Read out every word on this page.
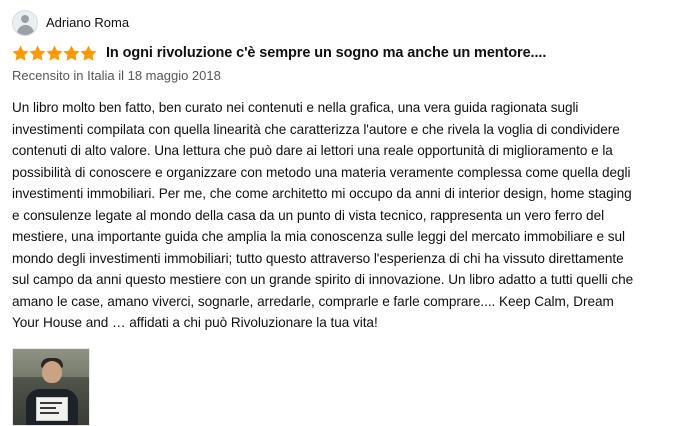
Adriano Roma
In ogni rivoluzione c'è sempre un sogno ma anche un mentore....
Recensito in Italia il 18 maggio 2018
Un libro molto ben fatto, ben curato nei contenuti e nella grafica, una vera guida ragionata sugli investimenti compilata con quella linearità che caratterizza l'autore e che rivela la voglia di condividere contenuti di alto valore. Una lettura che può dare ai lettori una reale opportunità di miglioramento e la possibilità di conoscere e organizzare con metodo una materia veramente complessa come quella degli investimenti immobiliari. Per me, che come architetto mi occupo da anni di interior design, home staging e consulenze legate al mondo della casa da un punto di vista tecnico, rappresenta un vero ferro del mestiere, una importante guida che amplia la mia conoscenza sulle leggi del mercato immobiliare e sul mondo degli investimenti immobiliari; tutto questo attraverso l'esperienza di chi ha vissuto direttamente sul campo da anni questo mestiere con un grande spirito di innovazione. Un libro adatto a tutti quelli che amano le case, amano viverci, sognarle, arredarle, comprarle e farle comprare.... Keep Calm, Dream Your House and … affidati a chi può Rivoluzionare la tua vita!
